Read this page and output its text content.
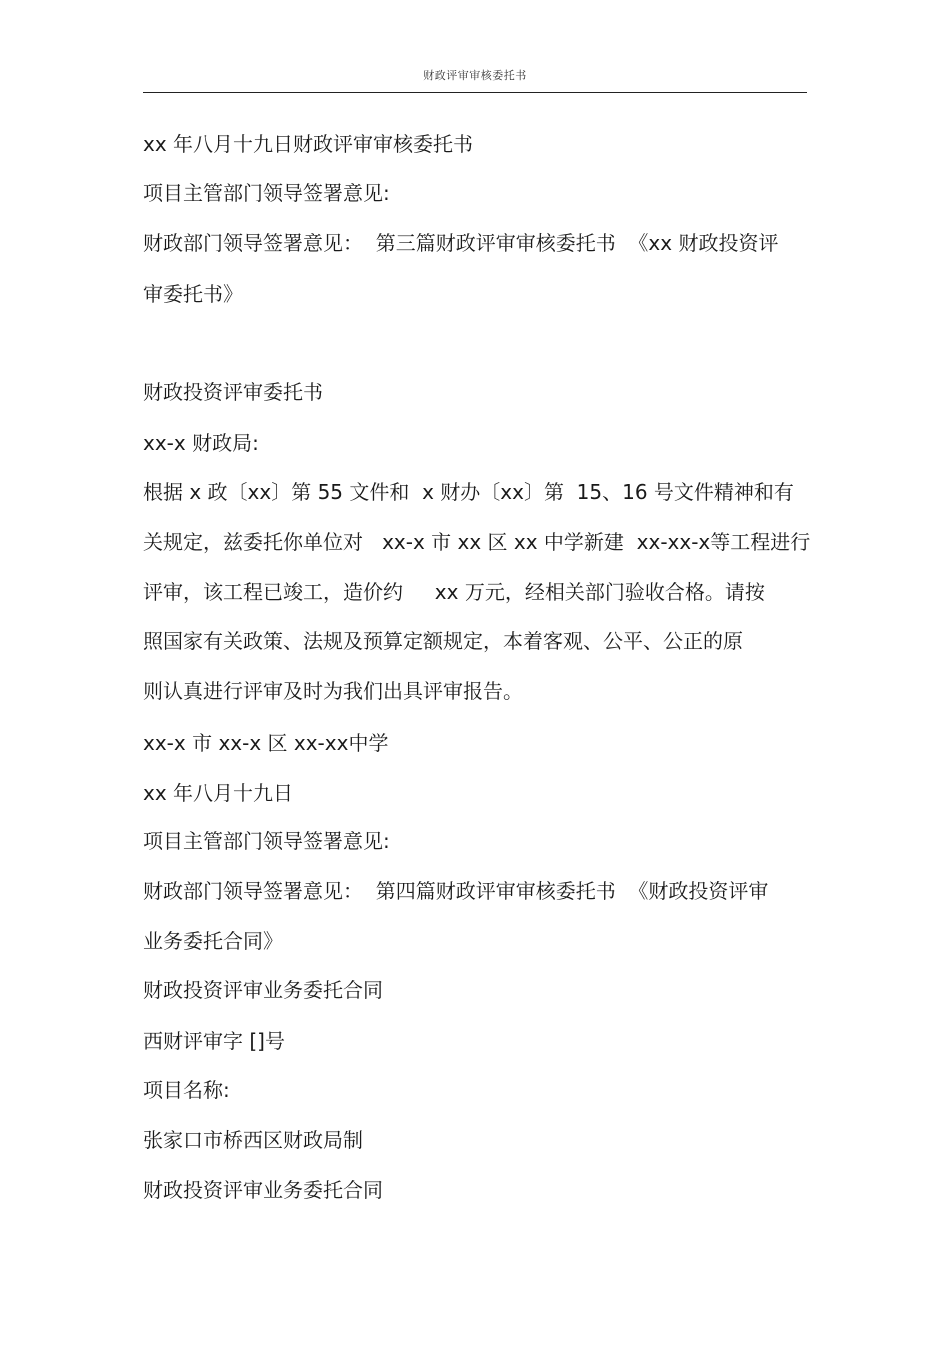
财政评审审核委托书
xx 年八月十九日财政评审审核委托书
项目主管部门领导签署意见:
财政部门领导签署意见：  第三篇财政评审审核委托书  《xx 财政投资评
审委托书》
财政投资评审委托书
xx-x 财政局:
根据 x 政〔xx〕第 55 文件和  x 财办〔xx〕第  15、16 号文件精神和有
关规定，兹委托你单位对   xx-x 市 xx 区 xx 中学新建  xx-xx-x等工程进行
评审，该工程已竣工，造价约     xx 万元，经相关部门验收合格。请按
照国家有关政策、法规及预算定额规定，本着客观、公平、公正的原
则认真进行评审及时为我们出具评审报告。
xx-x 市 xx-x 区 xx-xx中学
xx 年八月十九日
项目主管部门领导签署意见:
财政部门领导签署意见：  第四篇财政评审审核委托书  《财政投资评审
业务委托合同》
财政投资评审业务委托合同
西财评审字 []号
项目名称:
张家口市桥西区财政局制
财政投资评审业务委托合同
